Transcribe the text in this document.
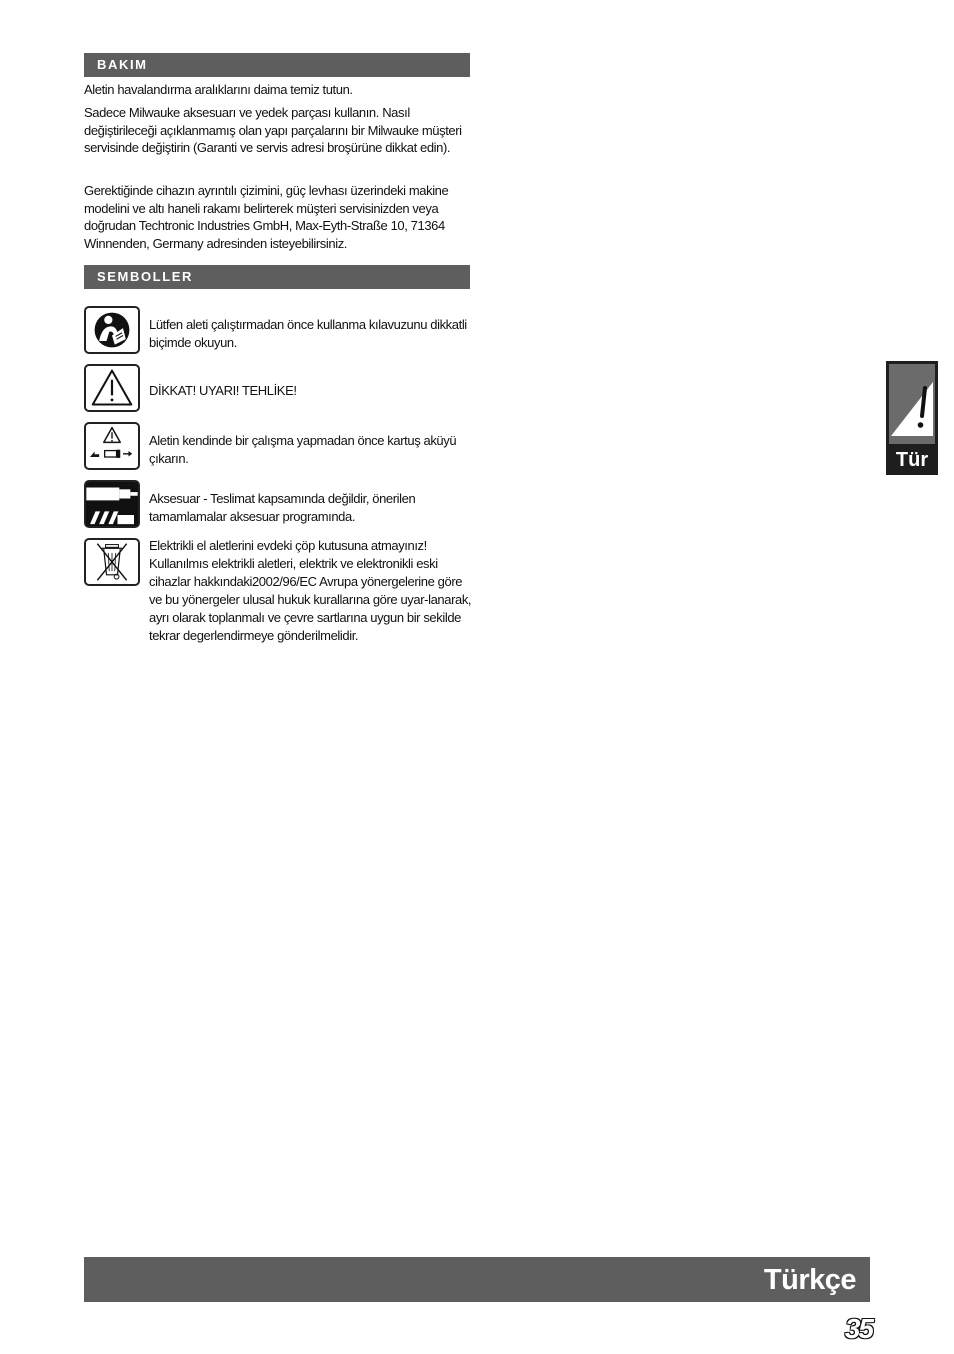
BAKIM
Aletin havalandırma aralıklarını daima temiz tutun.
Sadece Milwauke aksesuarı ve yedek parçası kullanın. Nasıl değiştirileceği açıklanmamış olan yapı parçalarını bir Milwauke müşteri servisinde değiştirin (Garanti ve servis adresi broşürüne dikkat edin).
Gerektiğinde cihazın ayrıntılı çizimini, güç levhası üzerindeki makine modelini ve altı haneli rakamı belirterek müşteri servisinizden veya doğrudan Techtronic Industries GmbH, Max-Eyth-Straße 10, 71364 Winnenden, Germany adresinden isteyebilirsiniz.
SEMBOLLER
Lütfen aleti çalıştırmadan önce kullanma kılavuzunu dikkatli biçimde okuyun.
DİKKAT! UYARI! TEHLİKE!
Aletin kendinde bir çalışma yapmadan önce kartuş aküyü çıkarın.
Aksesuar - Teslimat kapsamında değildir, önerilen tamamlamalar aksesuar programında.
Elektrikli el aletlerini evdeki çöp kutusuna atmayınız! Kullanılmıs elektrikli aletleri, elektrik ve elektronikli eski cihazlar hakkındaki2002/96/EC Avrupa yönergelerine göre ve bu yönergeler ulusal hukuk kurallarına göre uyar-lanarak, ayrı olarak toplanmalı ve çevre sartlarına uygun bir sekilde tekrar degerlendirmeye gönderilmelidir.
Tür
Türkçe
35
